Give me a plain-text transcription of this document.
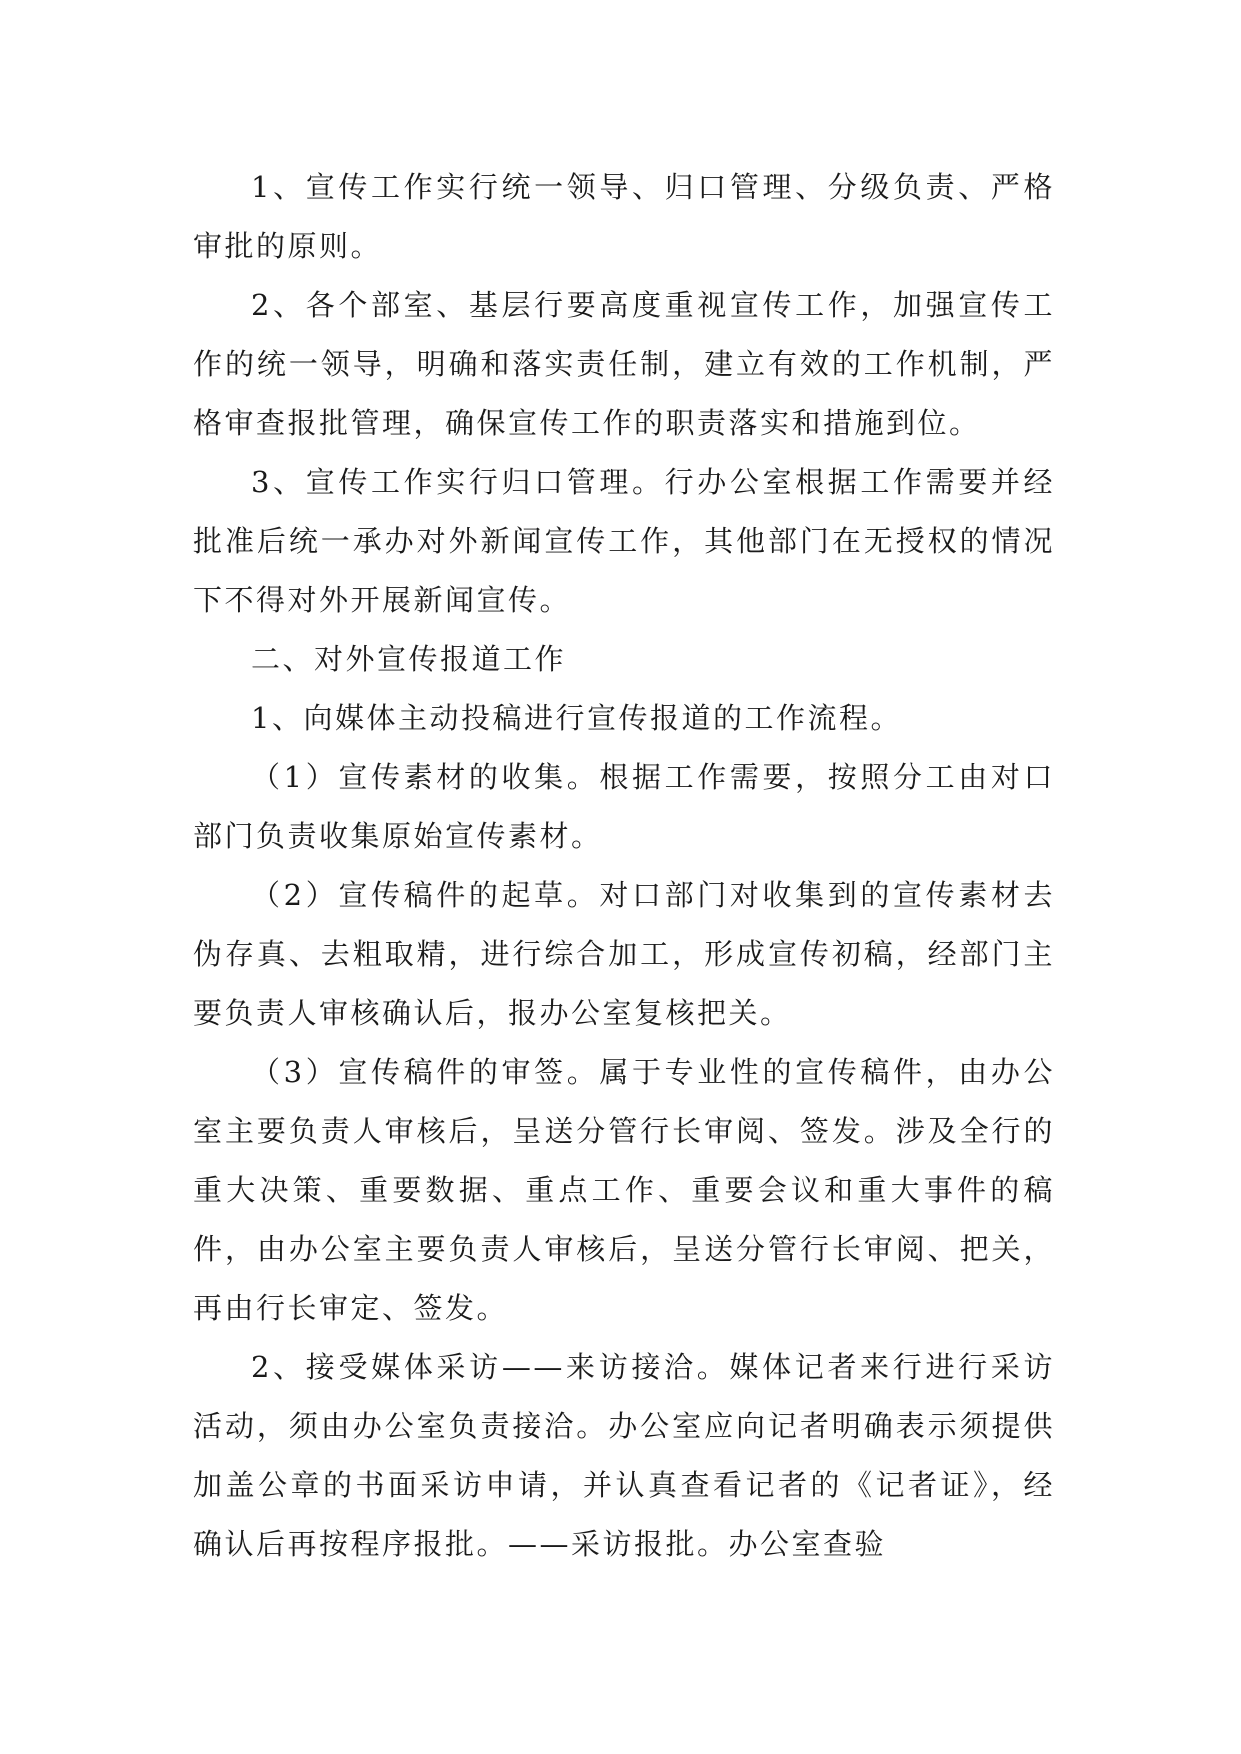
1、宣传工作实行统一领导、归口管理、分级负责、严格审批的原则。

2、各个部室、基层行要高度重视宣传工作，加强宣传工作的统一领导，明确和落实责任制，建立有效的工作机制，严格审查报批管理，确保宣传工作的职责落实和措施到位。

3、宣传工作实行归口管理。行办公室根据工作需要并经批准后统一承办对外新闻宣传工作，其他部门在无授权的情况下不得对外开展新闻宣传。

二、对外宣传报道工作

1、向媒体主动投稿进行宣传报道的工作流程。

（1）宣传素材的收集。根据工作需要，按照分工由对口部门负责收集原始宣传素材。

（2）宣传稿件的起草。对口部门对收集到的宣传素材去伪存真、去粗取精，进行综合加工，形成宣传初稿，经部门主要负责人审核确认后，报办公室复核把关。

（3）宣传稿件的审签。属于专业性的宣传稿件，由办公室主要负责人审核后，呈送分管行长审阅、签发。涉及全行的重大决策、重要数据、重点工作、重要会议和重大事件的稿件，由办公室主要负责人审核后，呈送分管行长审阅、把关，再由行长审定、签发。

2、接受媒体采访——来访接洽。媒体记者来行进行采访活动，须由办公室负责接洽。办公室应向记者明确表示须提供加盖公章的书面采访申请，并认真查看记者的《记者证》，经确认后再按程序报批。——采访报批。办公室查验
